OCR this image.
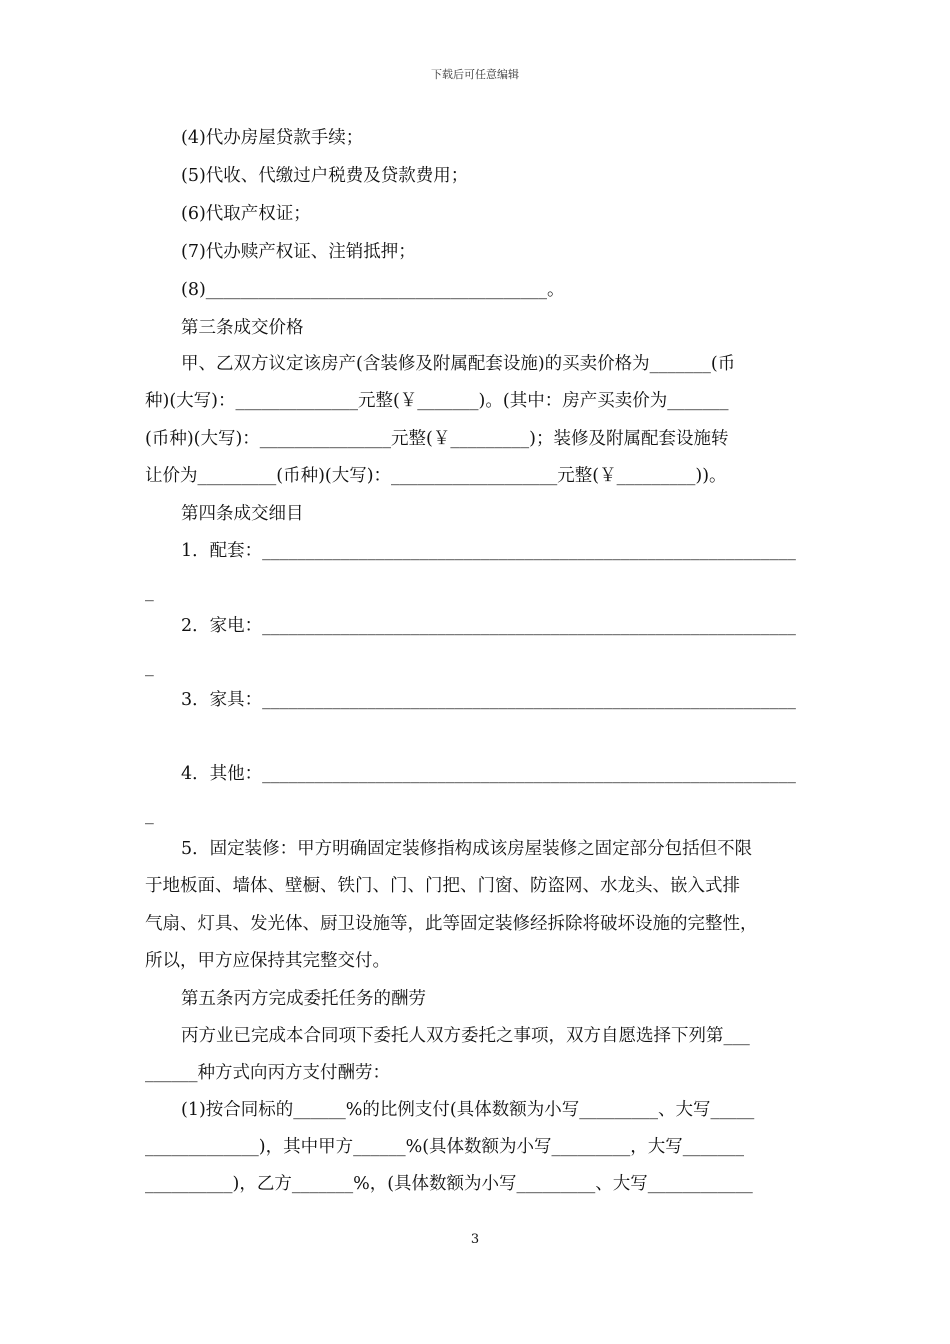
下载后可任意编辑
(4)代办房屋贷款手续；
(5)代收、代缴过户税费及贷款费用；
(6)代取产权证；
(7)代办赎产权证、注销抵押；
(8)_______________________________________。
第三条成交价格
甲、乙双方议定该房产(含装修及附属配套设施)的买卖价格为_______(币
种)(大写)：______________元整(￥_______)。(其中：房产买卖价为_______
(币种)(大写)：_______________元整(￥_________)；装修及附属配套设施转
让价为_________(币种)(大写)：___________________元整(￥_________))。
第四条成交细目
1．配套：_____________________________________________________________
_
2．家电：_____________________________________________________________
_
3．家具：_____________________________________________________________
4．其他：_____________________________________________________________
_
5．固定装修：甲方明确固定装修指构成该房屋装修之固定部分包括但不限
于地板面、墙体、壁橱、铁门、门、门把、门窗、防盗网、水龙头、嵌入式排
气扇、灯具、发光体、厨卫设施等，此等固定装修经拆除将破坏设施的完整性，
所以，甲方应保持其完整交付。
第五条丙方完成委托任务的酬劳
丙方业已完成本合同项下委托人双方委托之事项，双方自愿选择下列第___
______种方式向丙方支付酬劳：
(1)按合同标的______%的比例支付(具体数额为小写_________、大写_____
_____________)，其中甲方______%(具体数额为小写_________，大写_______
__________)，乙方_______%，(具体数额为小写_________、大写____________
3
